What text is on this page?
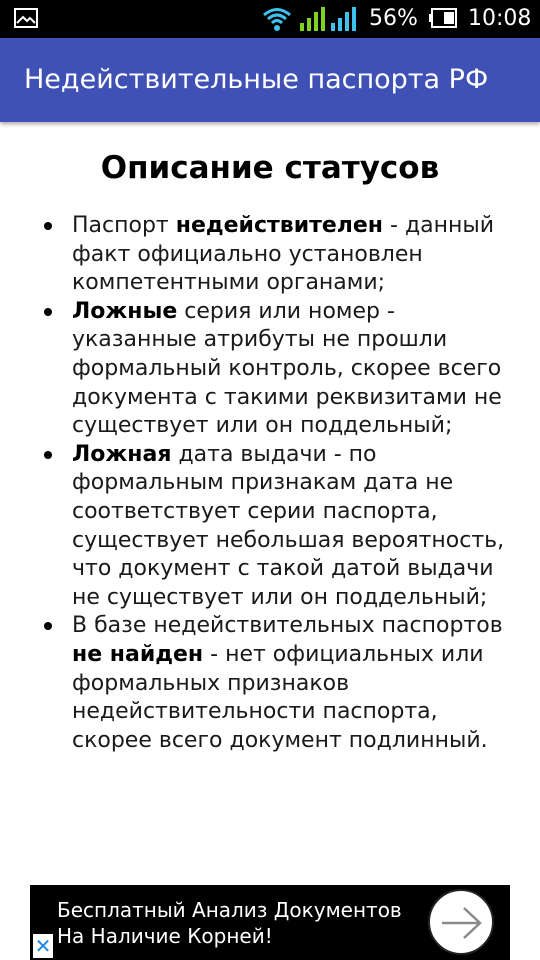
56% 10:08
Недействительные паспорта РФ
Описание статусов
Паспорт недействителен - данный факт официально установлен компетентными органами;
Ложные серия или номер - указанные атрибуты не прошли формальный контроль, скорее всего документа с такими реквизитами не существует или он поддельный;
Ложная дата выдачи - по формальным признакам дата не соответствует серии паспорта, существует небольшая вероятность, что документ с такой датой выдачи не существует или он поддельный;
В базе недействительных паспортов не найден - нет официальных или формальных признаков недействительности паспорта, скорее всего документ подлинный.
✕
Бесплатный Анализ Документов
На Наличие Корней!
